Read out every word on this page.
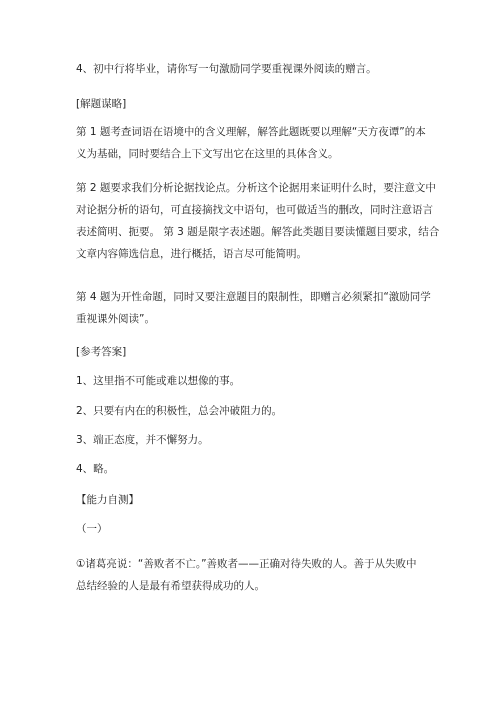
4、初中行将毕业，请你写一句激励同学要重视课外阅读的赠言。

[解题谋略]

第 1 题考查词语在语境中的含义理解，解答此题既要以理解“天方夜谭”的本
义为基础，同时要结合上下文写出它在这里的具体含义。

第 2 题要求我们分析论据找论点。分析这个论据用来证明什么时，要注意文中
对论据分析的语句，可直接摘找文中语句，也可做适当的删改，同时注意语言
表述简明、扼要。 第 3 题是限字表述题。解答此类题目要读懂题目要求，结合
文章内容筛选信息，进行概括，语言尽可能简明。

第 4 题为开性命题，同时又要注意题目的限制性，即赠言必须紧扣“激励同学
重视课外阅读”。

[参考答案]

1、这里指不可能或难以想像的事。

2、只要有内在的积极性，总会冲破阻力的。

3、端正态度，并不懈努力。

4、略。

【能力自测】

（一）

①诸葛亮说：“善败者不亡。”善败者——正确对待失败的人。善于从失败中
总结经验的人是最有希望获得成功的人。
